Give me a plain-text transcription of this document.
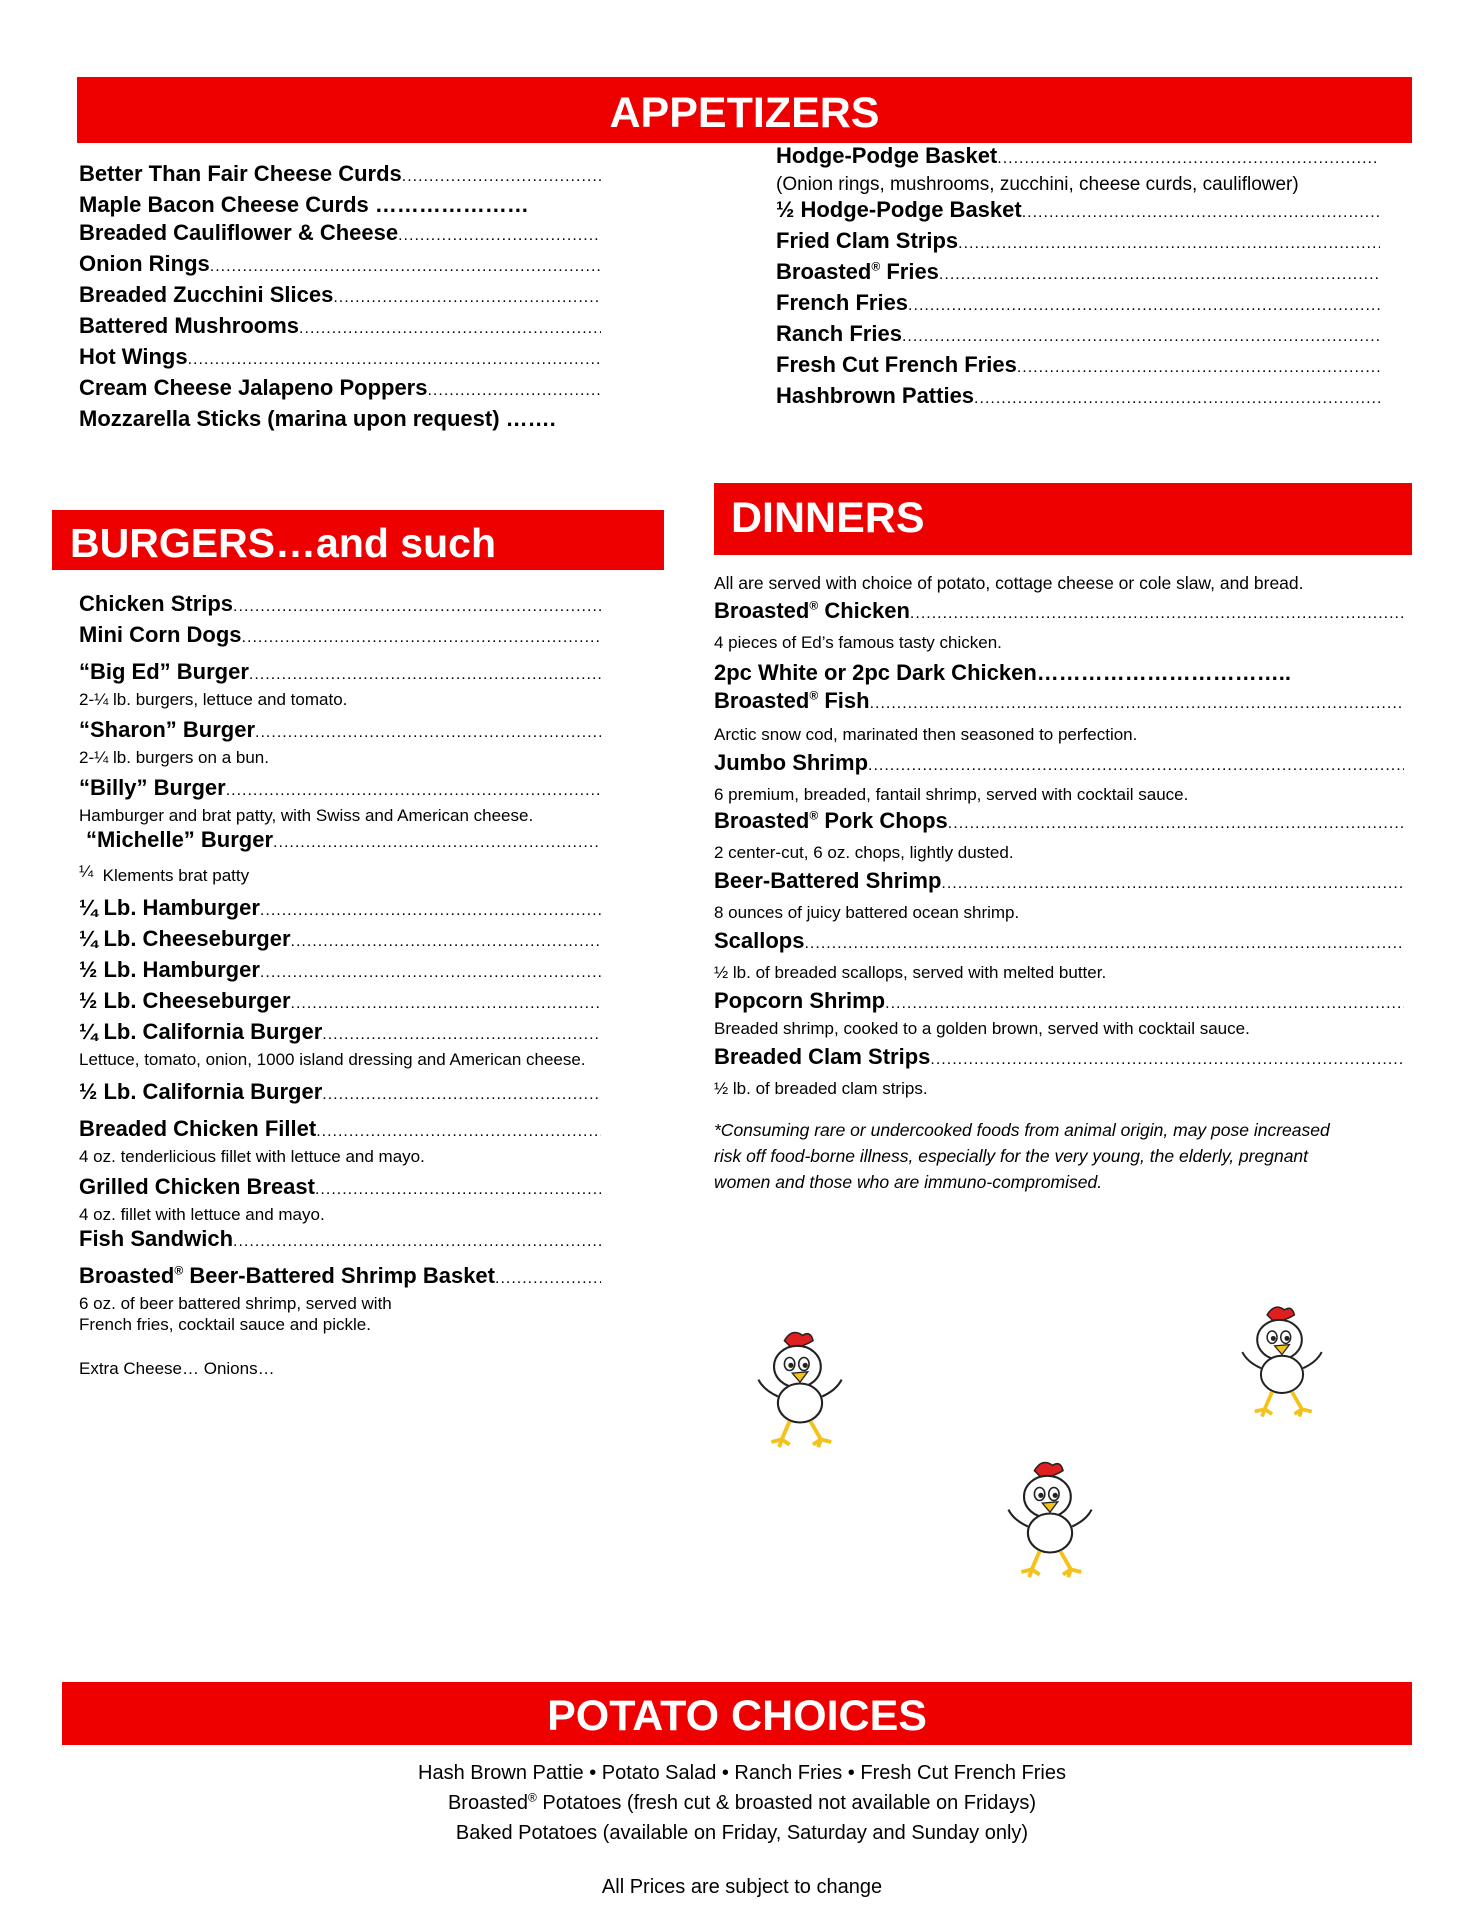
APPETIZERS
Better Than Fair Cheese Curds
.....
Maple Bacon Cheese Curds
…………………
Breaded Cauliflower & Cheese
.....
Onion Rings
.....
Breaded Zucchini Slices
.....
Battered Mushrooms
.....
Hot Wings
.....
Cream Cheese Jalapeno Poppers
.....
Mozzarella Sticks (marina upon request)
…….
Hodge-Podge Basket
.....
(Onion rings, mushrooms, zucchini, cheese curds, cauliflower)
½ Hodge-Podge Basket
.....
Fried Clam Strips
.....
Broasted® Fries
.....
French Fries
.....
Ranch Fries
.....
Fresh Cut French Fries
.....
Hashbrown Patties
.....
BURGERS…and such
Chicken Strips
.....
Mini Corn Dogs
.....
“Big Ed” Burger
.....
2-¼ lb. burgers, lettuce and tomato.
“Sharon” Burger
.....
2-¼ lb. burgers on a bun.
“Billy” Burger
.....
Hamburger and brat patty, with Swiss and American cheese.
“Michelle” Burger
.....
¼ Klements brat patty
¼ Lb. Hamburger
.....
¼ Lb. Cheeseburger
.....
½ Lb. Hamburger
.....
½ Lb. Cheeseburger
.....
¼ Lb. California Burger
.....
Lettuce, tomato, onion, 1000 island dressing and American cheese.
½ Lb. California Burger
.....
Breaded Chicken Fillet
.....
4 oz. tenderlicious fillet with lettuce and mayo.
Grilled Chicken Breast
.....
4 oz. fillet with lettuce and mayo.
Fish Sandwich
.....
Broasted® Beer-Battered Shrimp Basket
.....
6 oz. of beer battered shrimp, served with
French fries, cocktail sauce and pickle.
Extra Cheese… Onions…
DINNERS
All are served with choice of potato, cottage cheese or cole slaw, and bread.
Broasted® Chicken
.....
4 pieces of Ed’s famous tasty chicken.
2pc White or 2pc Dark Chicken……………………………..
Broasted® Fish
.....
Arctic snow cod, marinated then seasoned to perfection.
Jumbo Shrimp
.....
6 premium, breaded, fantail shrimp, served with cocktail sauce.
Broasted® Pork Chops
.....
2 center-cut, 6 oz. chops, lightly dusted.
Beer-Battered Shrimp
.....
8 ounces of juicy battered ocean shrimp.
Scallops
.....
½ lb. of breaded scallops, served with melted butter.
Popcorn Shrimp
.....
Breaded shrimp, cooked to a golden brown, served with cocktail sauce.
Breaded Clam Strips
.....
½ lb. of breaded clam strips.
*Consuming rare or undercooked foods from animal origin, may pose increased
risk off food-borne illness, especially for the very young, the elderly, pregnant
women and those who are immuno-compromised.
POTATO CHOICES
Hash Brown Pattie • Potato Salad • Ranch Fries • Fresh Cut French Fries
Broasted® Potatoes (fresh cut & broasted not available on Fridays)
Baked Potatoes (available on Friday, Saturday and Sunday only)
All Prices are subject to change
